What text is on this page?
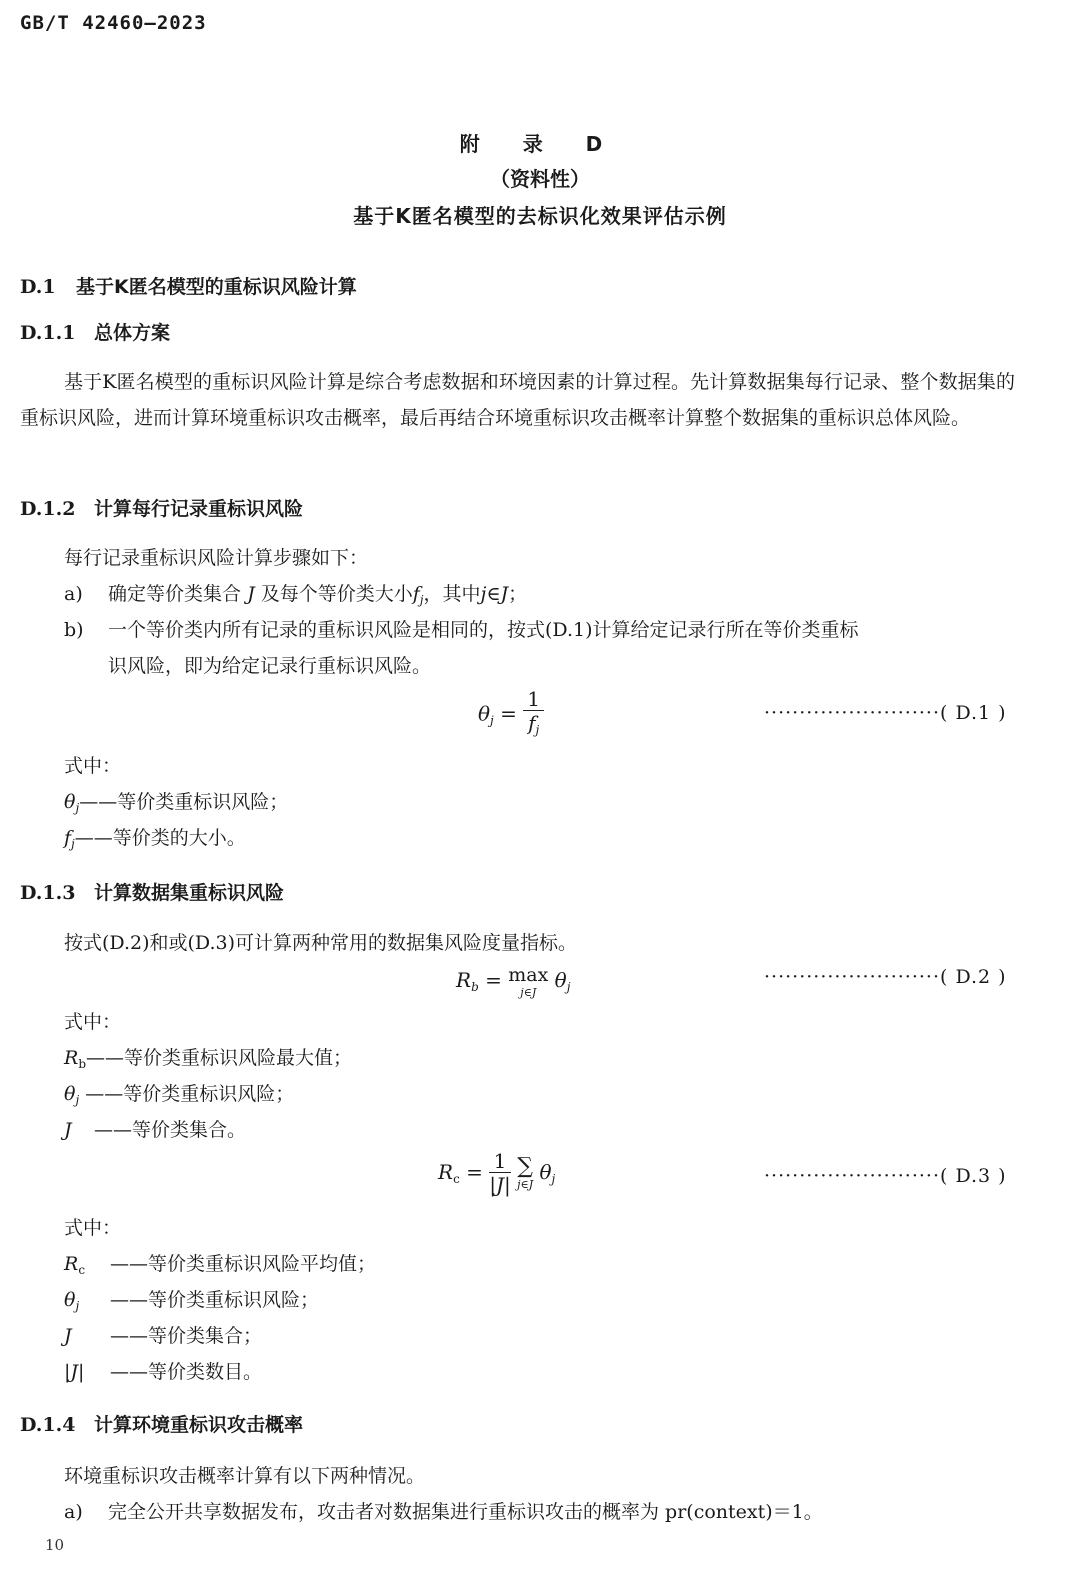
GB/T 42460—2023
附 录 D
（资料性）
基于K匿名模型的去标识化效果评估示例
D.1 基于K匿名模型的重标识风险计算
D.1.1 总体方案
基于K匿名模型的重标识风险计算是综合考虑数据和环境因素的计算过程。先计算数据集每行记录、整个数据集的重标识风险，进而计算环境重标识攻击概率，最后再结合环境重标识攻击概率计算整个数据集的重标识总体风险。
D.1.2 计算每行记录重标识风险
每行记录重标识风险计算步骤如下：
a) 确定等价类集合 J 及每个等价类大小$f_j$，其中j∈J；
b) 一个等价类内所有记录的重标识风险是相同的，按式(D.1)计算给定记录行所在等价类重标
识风险，即为给定记录行重标识风险。
$\theta_j = \frac{1}{f_j}$	·························( D.1 )
式中：
$\theta_j——$等价类重标识风险；
$f_j——$等价类的大小。
D.1.3 计算数据集重标识风险
按式(D.2)和或(D.3)可计算两种常用的数据集风险度量指标。
$R_b = \max$
j∈J $\theta_j$	·························( D.2 )
式中：
$R_b——$等价类重标识风险最大值；
$\theta_j$ ——等价类重标识风险；
J ——等价类集合。
$R_c = \frac{1}{|J|}$
∑
j∈J $\theta_j$	·························( D.3 )
式中：
$R_c$ ——等价类重标识风险平均值；
$\theta_j$ ——等价类重标识风险；
J ——等价类集合；
|J| ——等价类数目。
D.1.4 计算环境重标识攻击概率
环境重标识攻击概率计算有以下两种情况。
a) 完全公开共享数据发布，攻击者对数据集进行重标识攻击的概率为 pr(context)＝1。
10
